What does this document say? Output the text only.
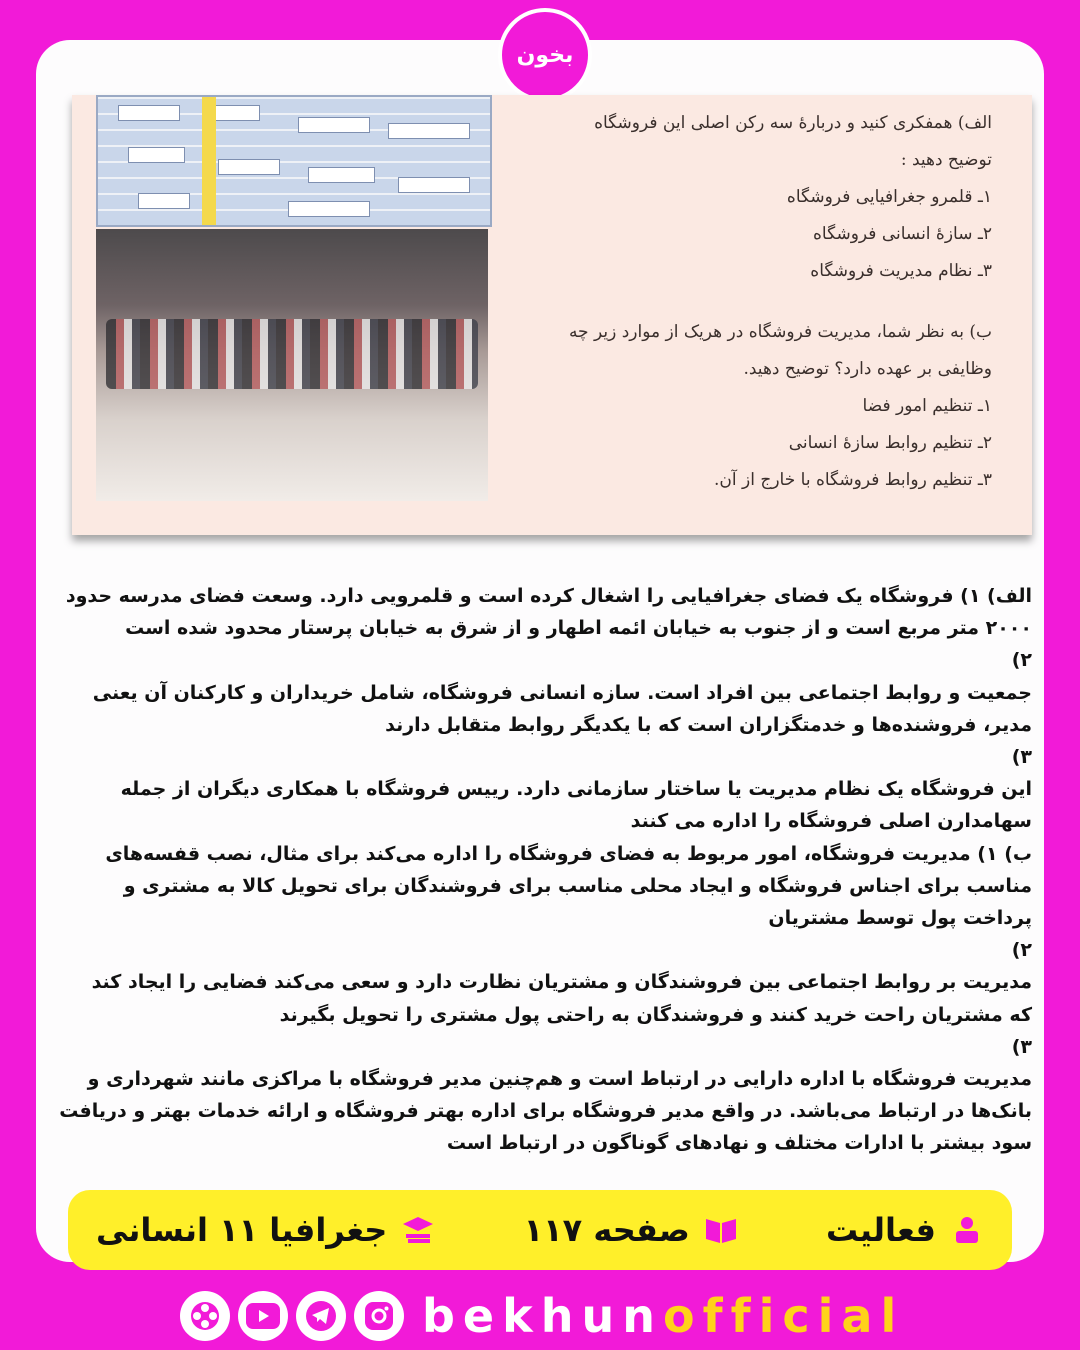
بخون

الف) همفکری کنید و دربارهٔ سه رکن اصلی این فروشگاه

توضیح دهید :

۱ـ قلمرو جغرافیایی فروشگاه

۲ـ سازهٔ انسانی فروشگاه

۳ـ نظام مدیریت فروشگاه

ب) به نظر شما، مدیریت فروشگاه در هریک از موارد زیر چه

وظایفی بر عهده دارد؟ توضیح دهید.

۱ـ تنظیم امور فضا

۲ـ تنظیم روابط سازهٔ انسانی

۳ـ تنظیم روابط فروشگاه با خارج از آن.

الف) ۱) فروشگاه یک فضای جغرافیایی را اشغال کرده است و قلمرویی دارد. وسعت فضای مدرسه حدود

۲۰۰۰ متر مربع است و از جنوب به خیابان ائمه اطهار و از شرق به خیابان پرستار محدود شده است

۲)

جمعیت و روابط اجتماعی بین افراد است. سازه انسانی فروشگاه، شامل خریداران و کارکنان آن یعنی

مدیر، فروشنده‌ها و خدمتگزاران است که با یکدیگر روابط متقابل دارند

۳)

این فروشگاه یک نظام مدیریت یا ساختار سازمانی دارد. رییس فروشگاه با همکاری دیگران از جمله

سهامدارن اصلی فروشگاه را اداره می کنند

ب) ۱) مدیریت فروشگاه، امور مربوط به فضای فروشگاه را اداره می‌کند برای مثال، نصب قفسه‌های

مناسب برای اجناس فروشگاه و ایجاد محلی مناسب برای فروشندگان برای تحویل کالا به مشتری و

پرداخت پول توسط مشتریان

۲)

مدیریت بر روابط اجتماعی بین فروشندگان و مشتریان نظارت دارد و سعی می‌کند فضایی را ایجاد کند

که مشتریان راحت خرید کنند و فروشندگان به راحتی پول مشتری را تحویل بگیرند

۳)

مدیریت فروشگاه با اداره دارایی در ارتباط است و هم‌چنین مدیر فروشگاه با مراکزی مانند شهرداری و

بانک‌ها در ارتباط می‌باشد. در واقع مدیر فروشگاه برای اداره بهتر فروشگاه و ارائه خدمات بهتر و دریافت

سود بیشتر با ادارات مختلف و نهادهای گوناگون در ارتباط است

فعالیت
صفحه ۱۱۷
جغرافیا ۱۱ انسانی
bekhunofficial
